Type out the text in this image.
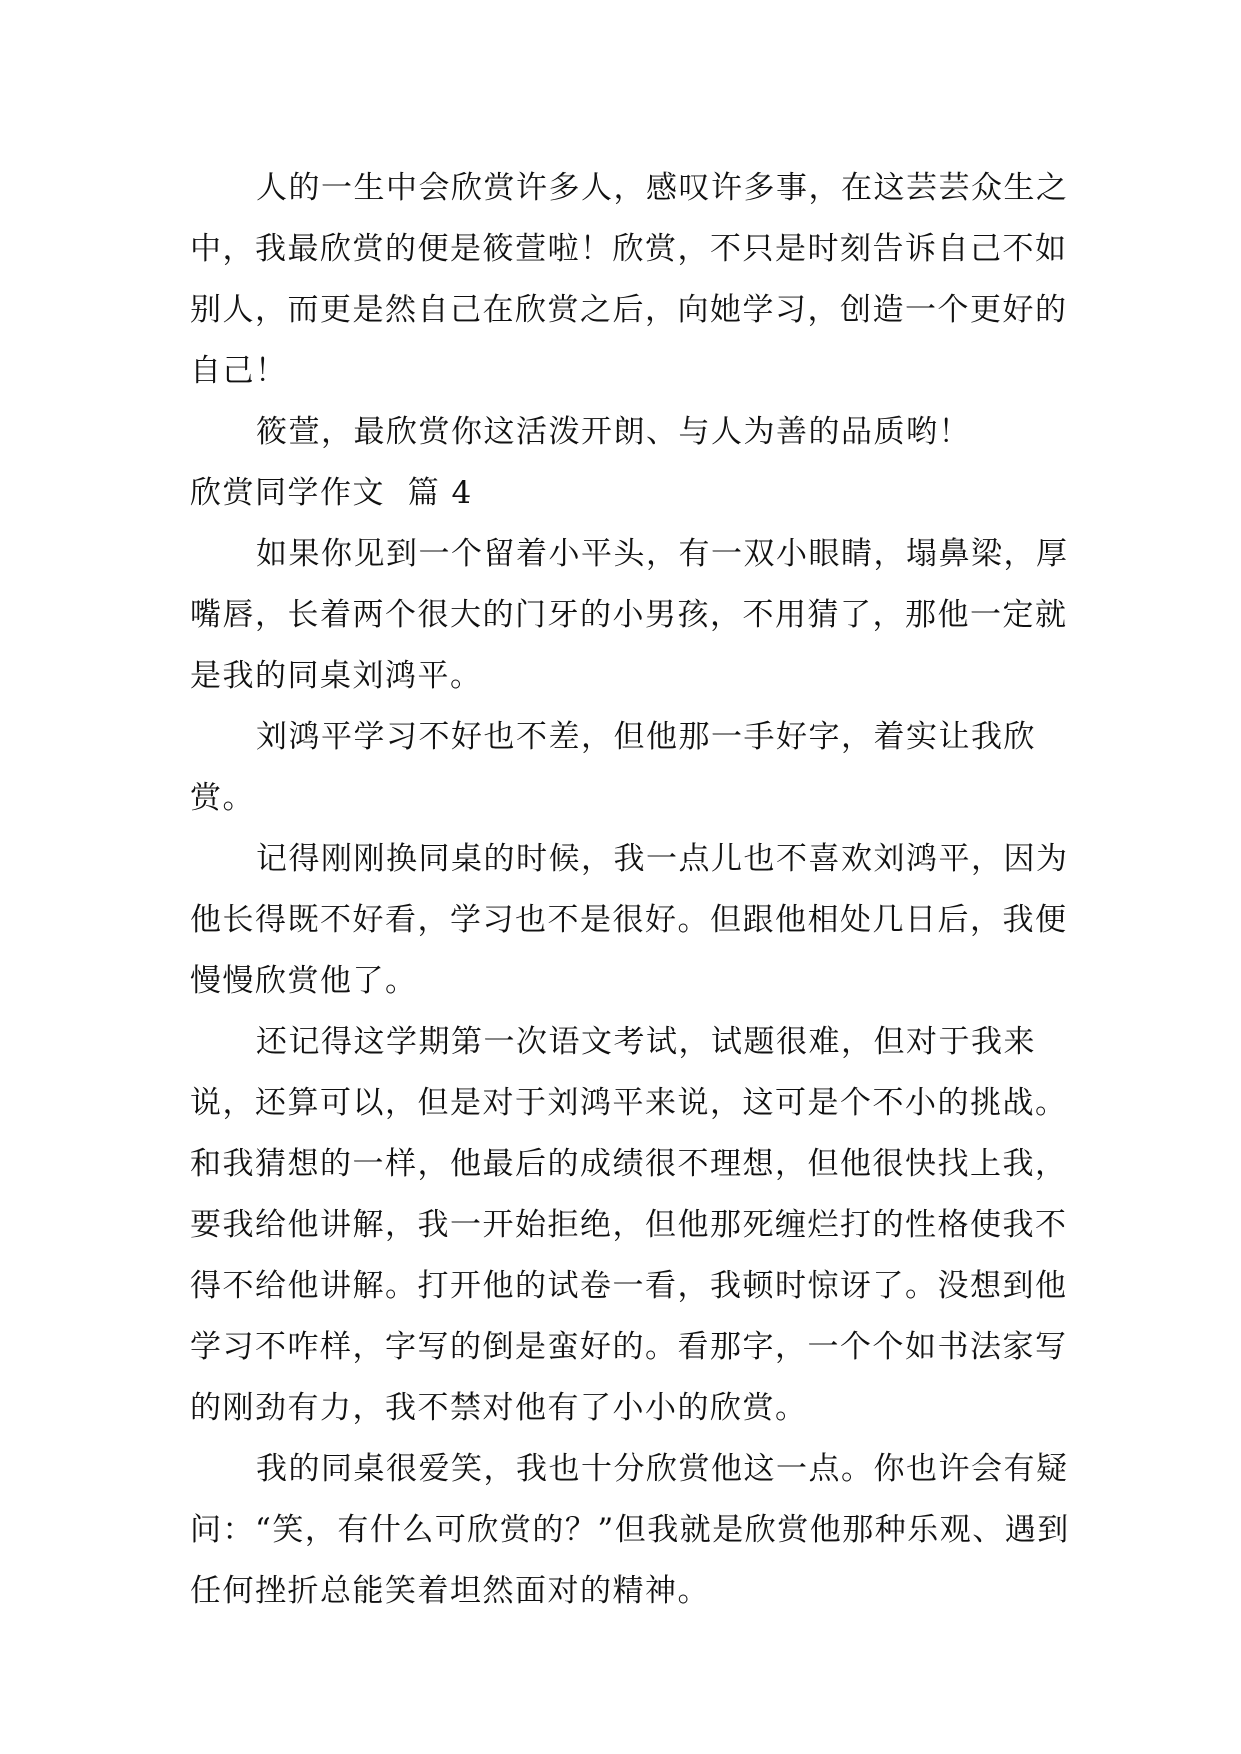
人的一生中会欣赏许多人，感叹许多事，在这芸芸众生之中，我最欣赏的便是筱萱啦！欣赏，不只是时刻告诉自己不如别人，而更是然自己在欣赏之后，向她学习，创造一个更好的自己！

筱萱，最欣赏你这活泼开朗、与人为善的品质哟！

欣赏同学作文  篇 4

如果你见到一个留着小平头，有一双小眼睛，塌鼻梁，厚嘴唇，长着两个很大的门牙的小男孩，不用猜了，那他一定就是我的同桌刘鸿平。

刘鸿平学习不好也不差，但他那一手好字，着实让我欣赏。

记得刚刚换同桌的时候，我一点儿也不喜欢刘鸿平，因为他长得既不好看，学习也不是很好。但跟他相处几日后，我便慢慢欣赏他了。

还记得这学期第一次语文考试，试题很难，但对于我来说，还算可以，但是对于刘鸿平来说，这可是个不小的挑战。和我猜想的一样，他最后的成绩很不理想，但他很快找上我，要我给他讲解，我一开始拒绝，但他那死缠烂打的性格使我不得不给他讲解。打开他的试卷一看，我顿时惊讶了。没想到他学习不咋样，字写的倒是蛮好的。看那字，一个个如书法家写的刚劲有力，我不禁对他有了小小的欣赏。

我的同桌很爱笑，我也十分欣赏他这一点。你也许会有疑问：“笑，有什么可欣赏的？”但我就是欣赏他那种乐观、遇到任何挫折总能笑着坦然面对的精神。
